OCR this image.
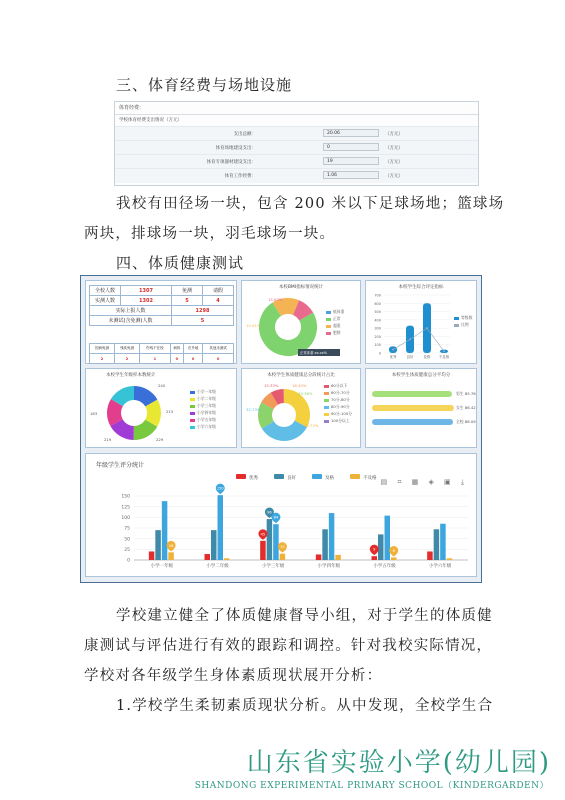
三、体育经费与场地设施
体育经费：
学校体育经费支出情况（万元）
支出总额：	20.06	（万元）
体育场地建设支出：	0	（万元）
体育专项器材建设支出：	19	（万元）
体育工作经费：	1.06	（万元）
我校有田径场一块，包含 200 米以下足球场地；篮球场
两块，排球场一块，羽毛球场一块。
四、体质健康测试
全校人数	1307	免测	请假
实测人数	1302	5	4
实际上报人数		1298	
未测试(含免测)人数		5	
因病免测	残疾免测	伤残不在校	病休	在外地	其他未测试
2	2	1	0	0	0
本校BMI指标情况统计
15.63%
10.01%
正常体重:xx.xx%
低体重
正常
超重
肥胖
本校学生综合评定指标
700
600
500
400
300
200
100
0
优秀	良好	及格 不及格
等级数
比例
本校学生年级样本数统计
240
183
229
219
215
小学一年级
小学二年级
小学三年级
小学四年级
小学五年级
小学六年级
本校学生体质健康总分段统计占比
15.33%	16.40%
32.73%
33.36%
40.72%
60分以下
60分-70分
70分-80分
80分-90分
90分-100分
100分以上
本校学生体质健康总分平均分
男生 85.76
女生 86.42
全校 86.09
年级学生评分统计
▤ ⌗ ▦ ◈ ▣ ⤓
优秀	良好	及格	不及格
150
125
100
75
50
25
0
小学一年级	小学二年级	小学三年级	小学四年级	小学五年级	小学六年级
18
150
45
96
84
15
9	6
学校建立健全了体质健康督导小组，对于学生的体质健
康测试与评估进行有效的跟踪和调控。针对我校实际情况，
学校对各年级学生身体素质现状展开分析：
1.学校学生柔韧素质现状分析。从中发现，全校学生合
山东省实验小学(幼儿园)
SHANDONG EXPERIMENTAL PRIMARY SCHOOL（KINDERGARDEN）
